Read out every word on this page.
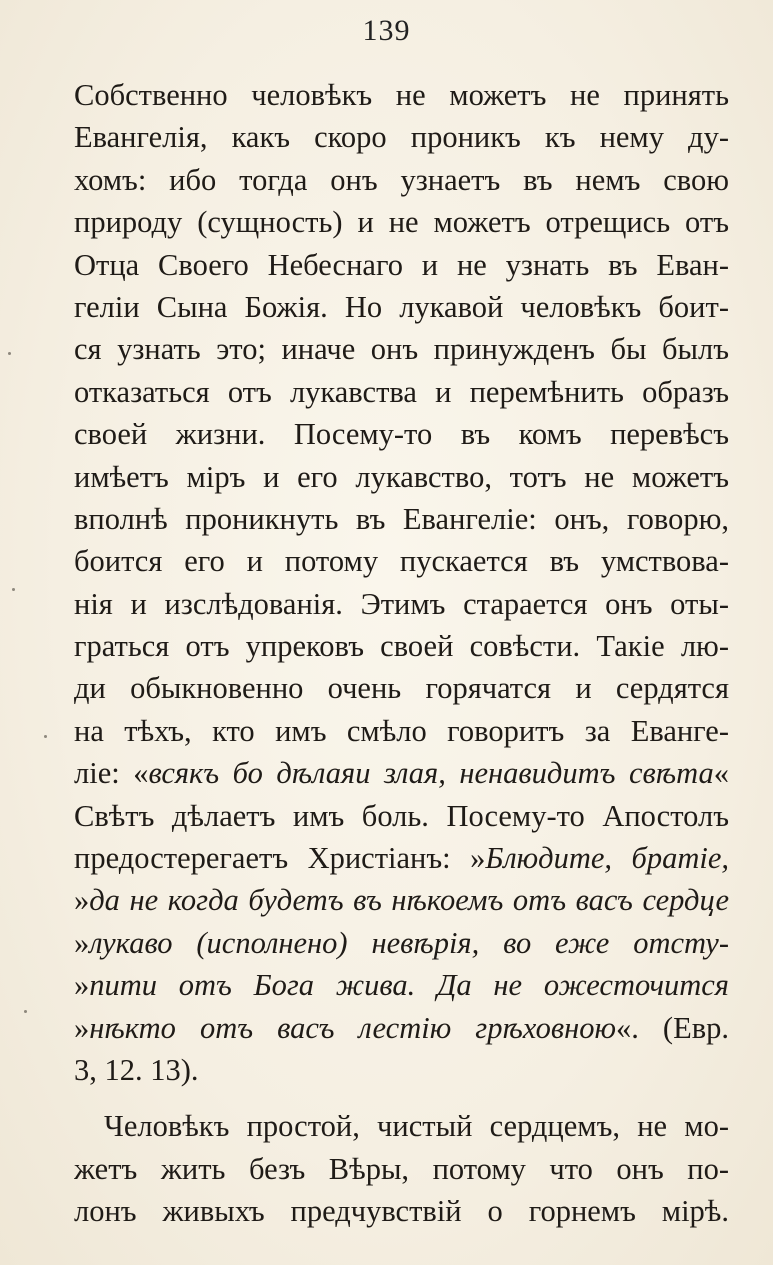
139
Собственно человѣкъ не можетъ не принять
Евангелія, какъ скоро проникъ къ нему ду-
хомъ: ибо тогда онъ узнаетъ въ немъ свою
природу (сущность) и не можетъ отрещись отъ
Отца Своего Небеснаго и не узнать въ Еван-
геліи Сына Божія. Но лукавой человѣкъ боит-
ся узнать это; иначе онъ принужденъ бы былъ
отказаться отъ лукавства и перемѣнить образъ
своей жизни. Посему-то въ комъ перевѣсъ
имѣетъ міръ и его лукавство, тотъ не можетъ
вполнѣ проникнуть въ Евангеліе: онъ, говорю,
боится его и потому пускается въ умствова-
нія и изслѣдованія. Этимъ старается онъ оты-
граться отъ упрековъ своей совѣсти. Такіе лю-
ди обыкновенно очень горячатся и сердятся
на тѣхъ, кто имъ смѣло говоритъ за Еванге-
ліе: «всякъ бо дѣлаяи злая, ненавидитъ свѣта«
Свѣтъ дѣлаетъ имъ боль. Посему-то Апостолъ
предостерегаетъ Христіанъ: »Блюдите, братіе,
»да не когда будетъ въ нѣкоемъ отъ васъ сердце
»лукаво (исполнено) невѣрія, во еже отсту-
»пити отъ Бога жива. Да не ожесточится
»нѣкто отъ васъ лестію грѣховною«. (Евр.
3, 12. 13).
Человѣкъ простой, чистый сердцемъ, не мо-
жетъ жить безъ Вѣры, потому что онъ по-
лонъ живыхъ предчувствій о горнемъ мірѣ.
